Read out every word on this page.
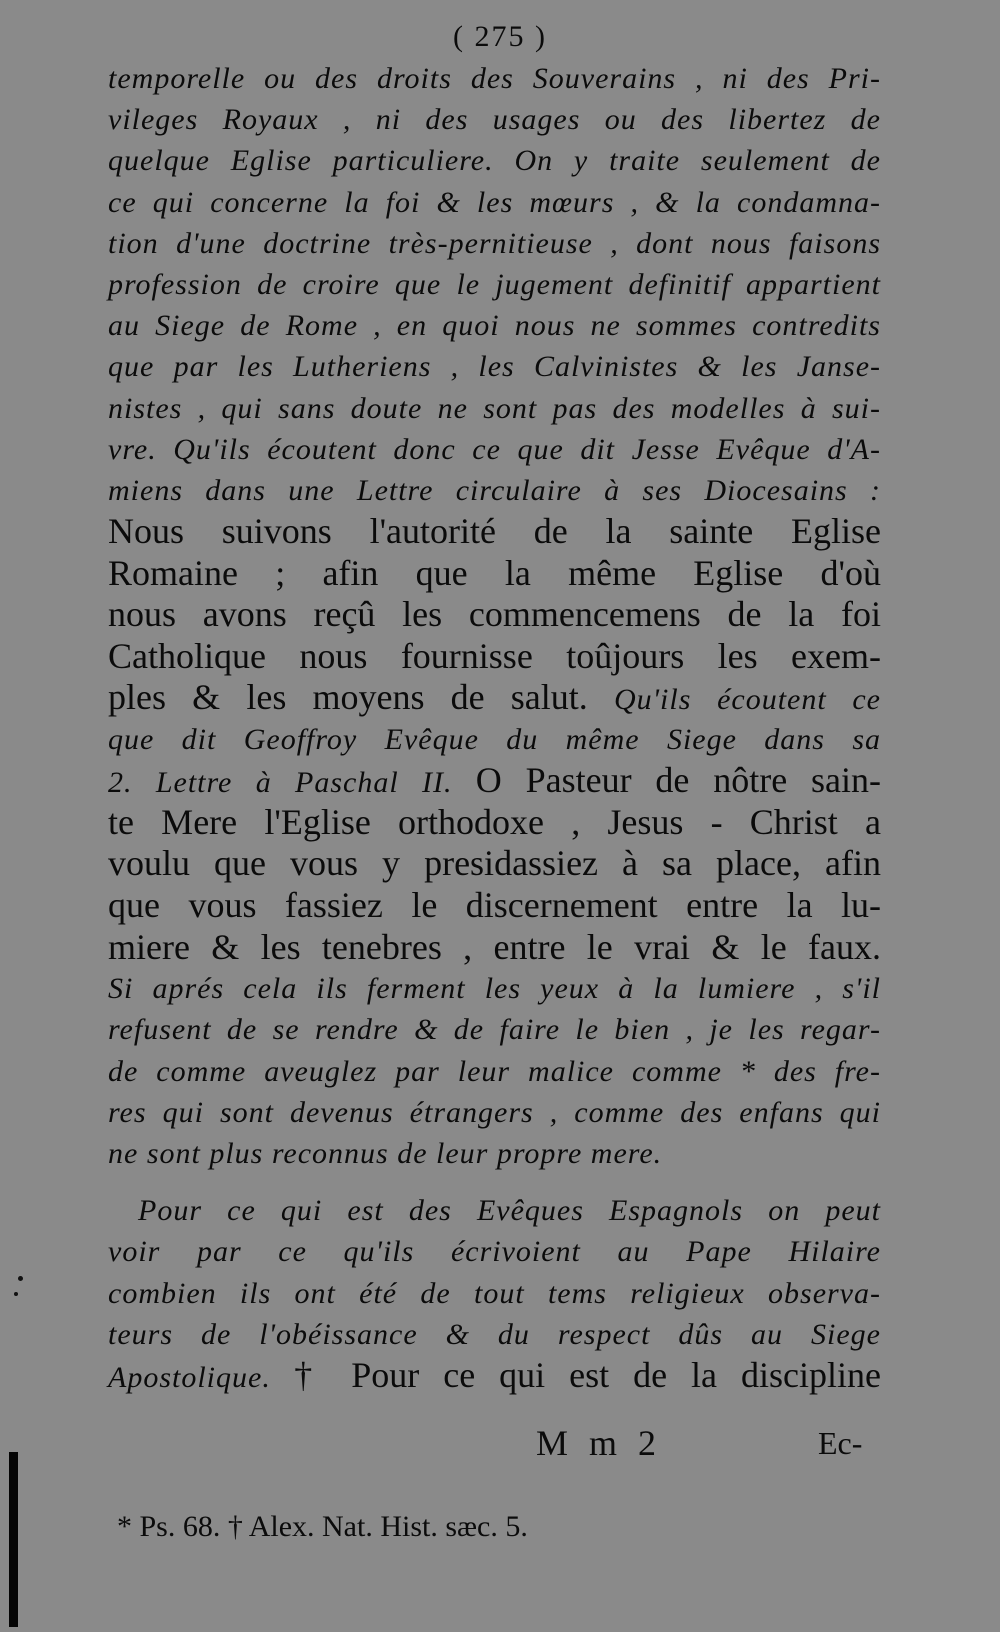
( 275 )
temporelle ou des droits des Souverains , ni des Pri-
vileges Royaux , ni des usages ou des libertez de
quelque Eglise particuliere. On y traite seulement de
ce qui concerne la foi & les mœurs , & la condamna-
tion d'une doctrine très-pernitieuse , dont nous faisons
profession de croire que le jugement definitif appartient
au Siege de Rome , en quoi nous ne sommes contredits
que par les Lutheriens , les Calvinistes & les Janse-
nistes , qui sans doute ne sont pas des modelles à sui-
vre. Qu'ils écoutent donc ce que dit Jesse Evêque d'A-
miens dans une Lettre circulaire à ses Diocesains :
Nous suivons l'autorité de la sainte Eglise
Romaine ; afin que la même Eglise d'où
nous avons reçû les commencemens de la foi
Catholique nous fournisse toûjours les exem-
ples & les moyens de salut. Qu'ils écoutent ce
que dit Geoffroy Evêque du même Siege dans sa
2. Lettre à Paschal II. O Pasteur de nôtre sain-
te Mere l'Eglise orthodoxe , Jesus - Christ a
voulu que vous y presidassiez à sa place, afin
que vous fassiez le discernement entre la lu-
miere & les tenebres , entre le vrai & le faux.
Si aprés cela ils ferment les yeux à la lumiere , s'il
refusent de se rendre & de faire le bien , je les regar-
de comme aveuglez par leur malice comme * des fre-
res qui sont devenus étrangers , comme des enfans qui
ne sont plus reconnus de leur propre mere.
Pour ce qui est des Evêques Espagnols on peut
voir par ce qu'ils écrivoient au Pape Hilaire
combien ils ont été de tout tems religieux observa-
teurs de l'obéissance & du respect dûs au Siege
Apostolique. † Pour ce qui est de la discipline
M m 2	Ec-
* Ps. 68. † Alex. Nat. Hist. sæc. 5.
